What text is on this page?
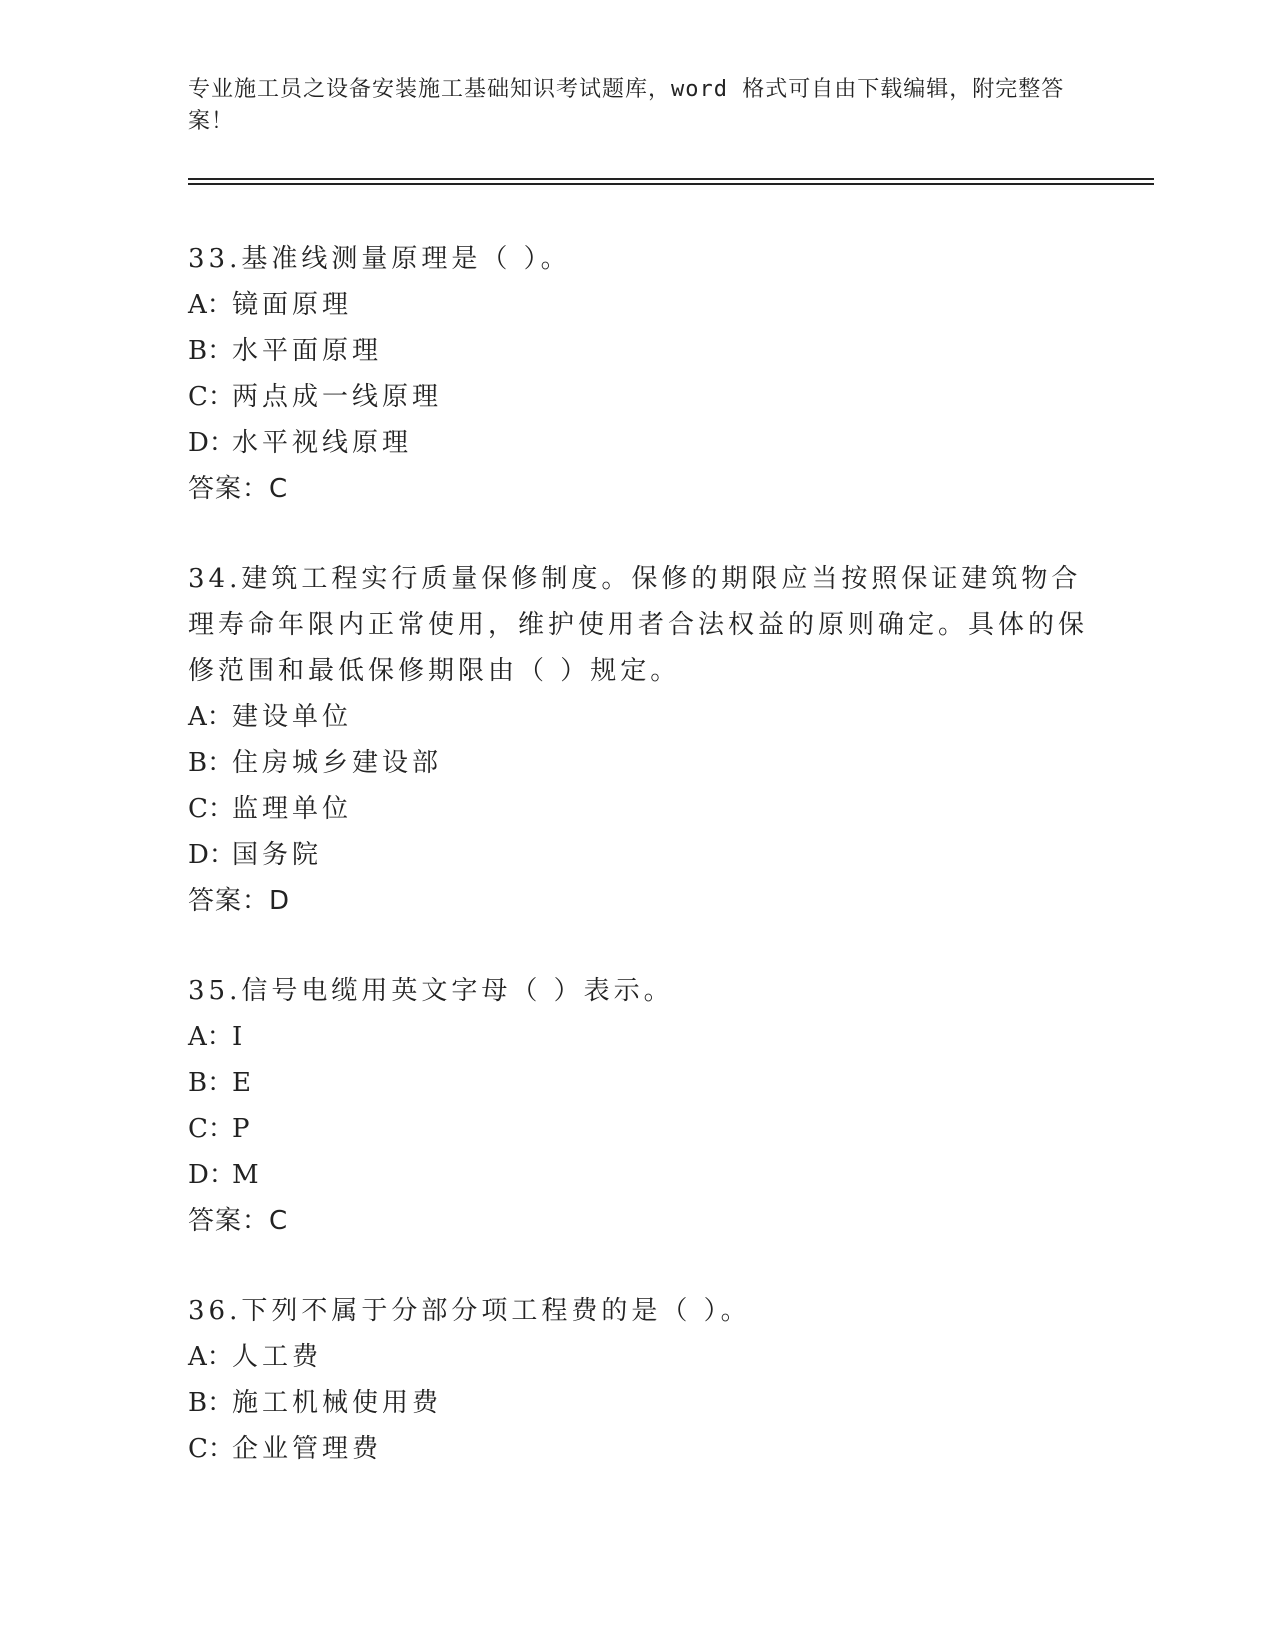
专业施工员之设备安装施工基础知识考试题库，word 格式可自由下载编辑，附完整答案！

33.基准线测量原理是（ ）。

A：镜面原理

B：水平面原理

C：两点成一线原理

D：水平视线原理

答案：C

34.建筑工程实行质量保修制度。保修的期限应当按照保证建筑物合理寿命年限内正常使用，维护使用者合法权益的原则确定。具体的保修范围和最低保修期限由（ ）规定。

A：建设单位

B：住房城乡建设部

C：监理单位

D：国务院

答案：D

35.信号电缆用英文字母（ ）表示。

A：I

B：E

C：P

D：M

答案：C

36.下列不属于分部分项工程费的是（ ）。

A：人工费

B：施工机械使用费

C：企业管理费
